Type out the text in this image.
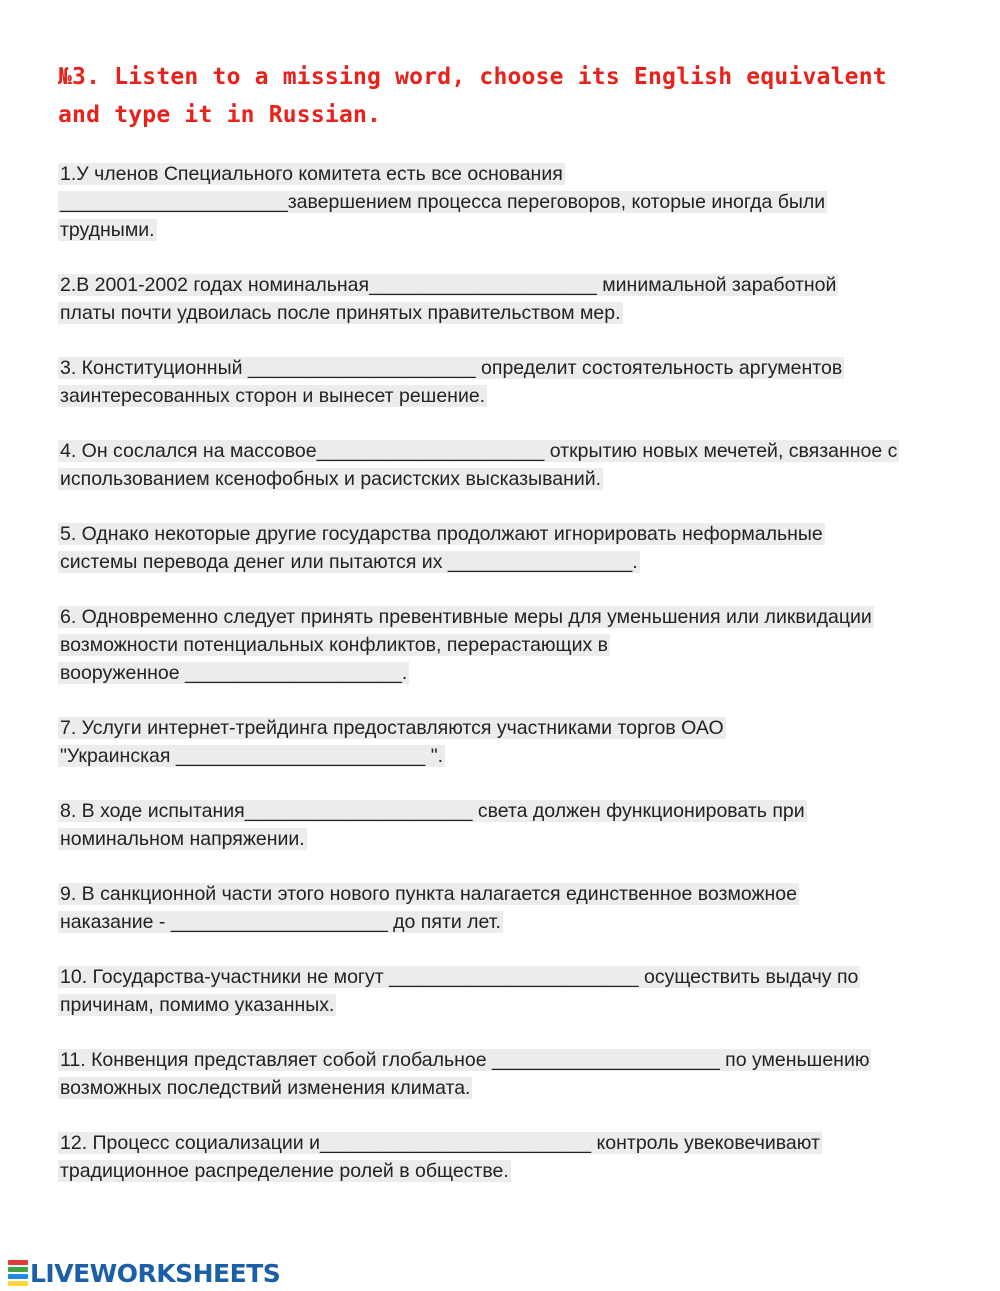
№3. Listen to a missing word, choose its English equivalent and type it in Russian.
1.У членов Специального комитета есть все основания
_____________________завершением процесса переговоров, которые иногда были
трудными.
2.В 2001-2002 годах номинальная_____________________ минимальной заработной
платы почти удвоилась после принятых правительством мер.
3. Конституционный _____________________ определит состоятельность аргументов
заинтересованных сторон и вынесет решение.
4. Он сослался на массовое_____________________ открытию новых мечетей, связанное с
использованием ксенофобных и расистских высказываний.
5. Однако некоторые другие государства продолжают игнорировать неформальные
системы перевода денег или пытаются их _________________.
6. Одновременно следует принять превентивные меры для уменьшения или ликвидации
возможности потенциальных конфликтов, перерастающих в
вооруженное ____________________.
7. Услуги интернет-трейдинга предоставляются участниками торгов ОАО
"Украинская _______________________ ".
8. В ходе испытания_____________________ света должен функционировать при
номинальном напряжении.
9. В санкционной части этого нового пункта налагается единственное возможное
наказание - ____________________ до пяти лет.
10. Государства-участники не могут _______________________ осуществить выдачу по
причинам, помимо указанных.
11. Конвенция представляет собой глобальное _____________________ по уменьшению
возможных последствий изменения климата.
12. Процесс социализации и_________________________ контроль увековечивают
традиционное распределение ролей в обществе.
LIVEWORKSHEETS
